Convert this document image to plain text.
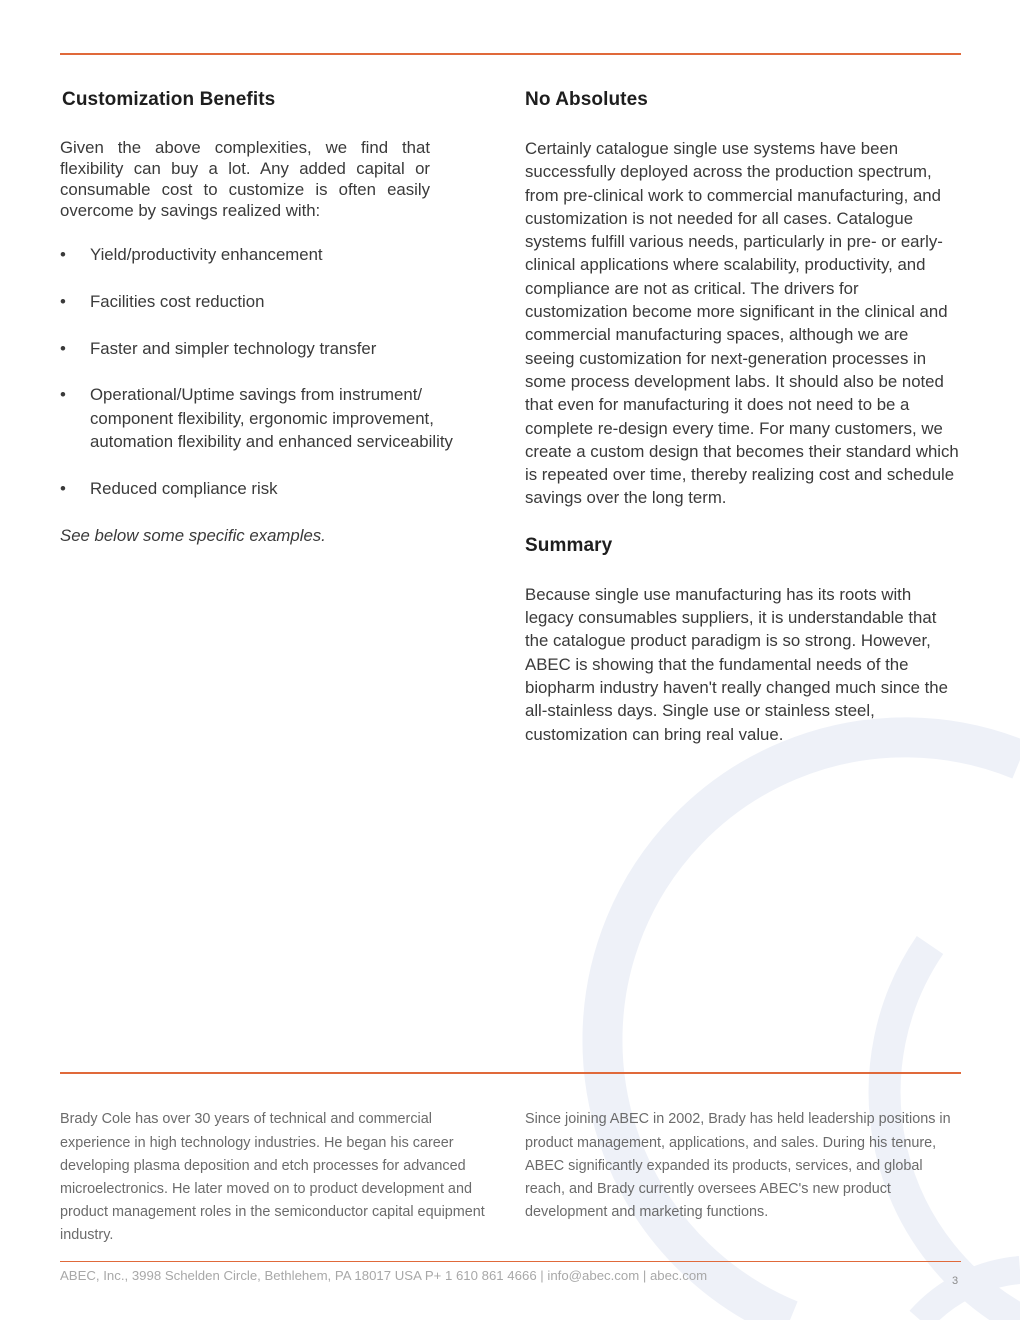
Customization Benefits

Given the above complexities, we find that flexibility can buy a lot. Any added capital or consumable cost to customize is often easily overcome by savings realized with:

• Yield/productivity enhancement
• Facilities cost reduction
• Faster and simpler technology transfer
• Operational/Uptime savings from instrument/ component flexibility, ergonomic improvement, automation flexibility and enhanced serviceability
• Reduced compliance risk

See below some specific examples.

No Absolutes

Certainly catalogue single use systems have been successfully deployed across the production spectrum, from pre-clinical work to commercial manufacturing, and customization is not needed for all cases. Catalogue systems fulfill various needs, particularly in pre- or early-clinical applications where scalability, productivity, and compliance are not as critical. The drivers for customization become more significant in the clinical and commercial manufacturing spaces, although we are seeing customization for next-generation processes in some process development labs. It should also be noted that even for manufacturing it does not need to be a complete re-design every time. For many customers, we create a custom design that becomes their standard which is repeated over time, thereby realizing cost and schedule savings over the long term.

Summary

Because single use manufacturing has its roots with legacy consumables suppliers, it is understandable that the catalogue product paradigm is so strong. However, ABEC is showing that the fundamental needs of the biopharm industry haven't really changed much since the all-stainless days. Single use or stainless steel, customization can bring real value.

Brady Cole has over 30 years of technical and commercial experience in high technology industries. He began his career developing plasma deposition and etch processes for advanced microelectronics. He later moved on to product development and product management roles in the semiconductor capital equipment industry.

Since joining ABEC in 2002, Brady has held leadership positions in product management, applications, and sales. During his tenure, ABEC significantly expanded its products, services, and global reach, and Brady currently oversees ABEC's new product development and marketing functions.

ABEC, Inc., 3998 Schelden Circle, Bethlehem, PA 18017 USA P+ 1 610 861 4666 | info@abec.com | abec.com	3
